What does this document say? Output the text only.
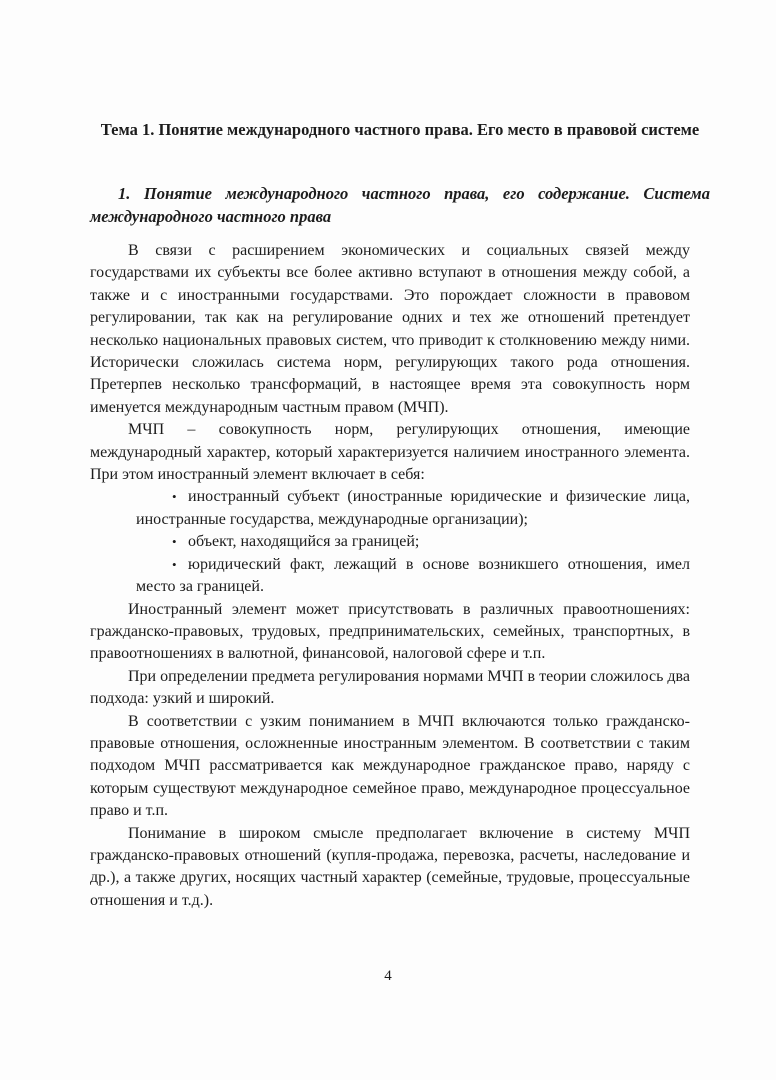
Тема 1. Понятие международного частного права. Его место в правовой системе
1. Понятие международного частного права, его содержание. Система международного частного права

В связи с расширением экономических и социальных связей между государствами их субъекты все более активно вступают в отношения между собой, а также и с иностранными государствами. Это порождает сложности в правовом регулировании, так как на регулирование одних и тех же отношений претендует несколько национальных правовых систем, что приводит к столкновению между ними. Исторически сложилась система норм, регулирующих такого рода отношения. Претерпев несколько трансформаций, в настоящее время эта совокупность норм именуется международным частным правом (МЧП).

МЧП – совокупность норм, регулирующих отношения, имеющие международный характер, который характеризуется наличием иностранного элемента. При этом иностранный элемент включает в себя:

• иностранный субъект (иностранные юридические и физические лица, иностранные государства, международные организации);
• объект, находящийся за границей;
• юридический факт, лежащий в основе возникшего отношения, имел место за границей.

Иностранный элемент может присутствовать в различных правоотношениях: гражданско-правовых, трудовых, предпринимательских, семейных, транспортных, в правоотношениях в валютной, финансовой, налоговой сфере и т.п.

При определении предмета регулирования нормами МЧП в теории сложилось два подхода: узкий и широкий.

В соответствии с узким пониманием в МЧП включаются только гражданско-правовые отношения, осложненные иностранным элементом. В соответствии с таким подходом МЧП рассматривается как международное гражданское право, наряду с которым существуют международное семейное право, международное процессуальное право и т.п.

Понимание в широком смысле предполагает включение в систему МЧП гражданско-правовых отношений (купля-продажа, перевозка, расчеты, наследование и др.), а также других, носящих частный характер (семейные, трудовые, процессуальные отношения и т.д.).

4
